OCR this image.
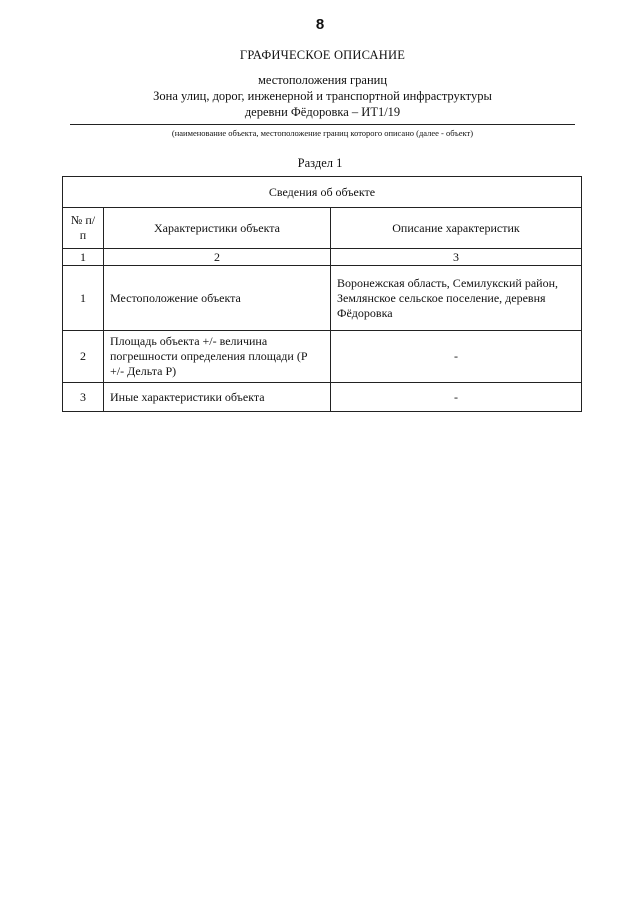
8
ГРАФИЧЕСКОЕ ОПИСАНИЕ
местоположения границ
Зона улиц, дорог, инженерной и транспортной инфраструктуры
деревни Фёдоровка – ИТ1/19
(наименование объекта, местоположение границ которого описано (далее - объект)
Раздел 1
Сведения об объекте		
№ п/п	Характеристики объекта	Описание характеристик
1	2	3
1	Местоположение объекта	Воронежская область, Семилукский район, Землянское сельское поселение, деревня Фёдоровка
2	Площадь объекта +/- величина погрешности определения площади (Р +/- Дельта Р)	-
3	Иные характеристики объекта	-
